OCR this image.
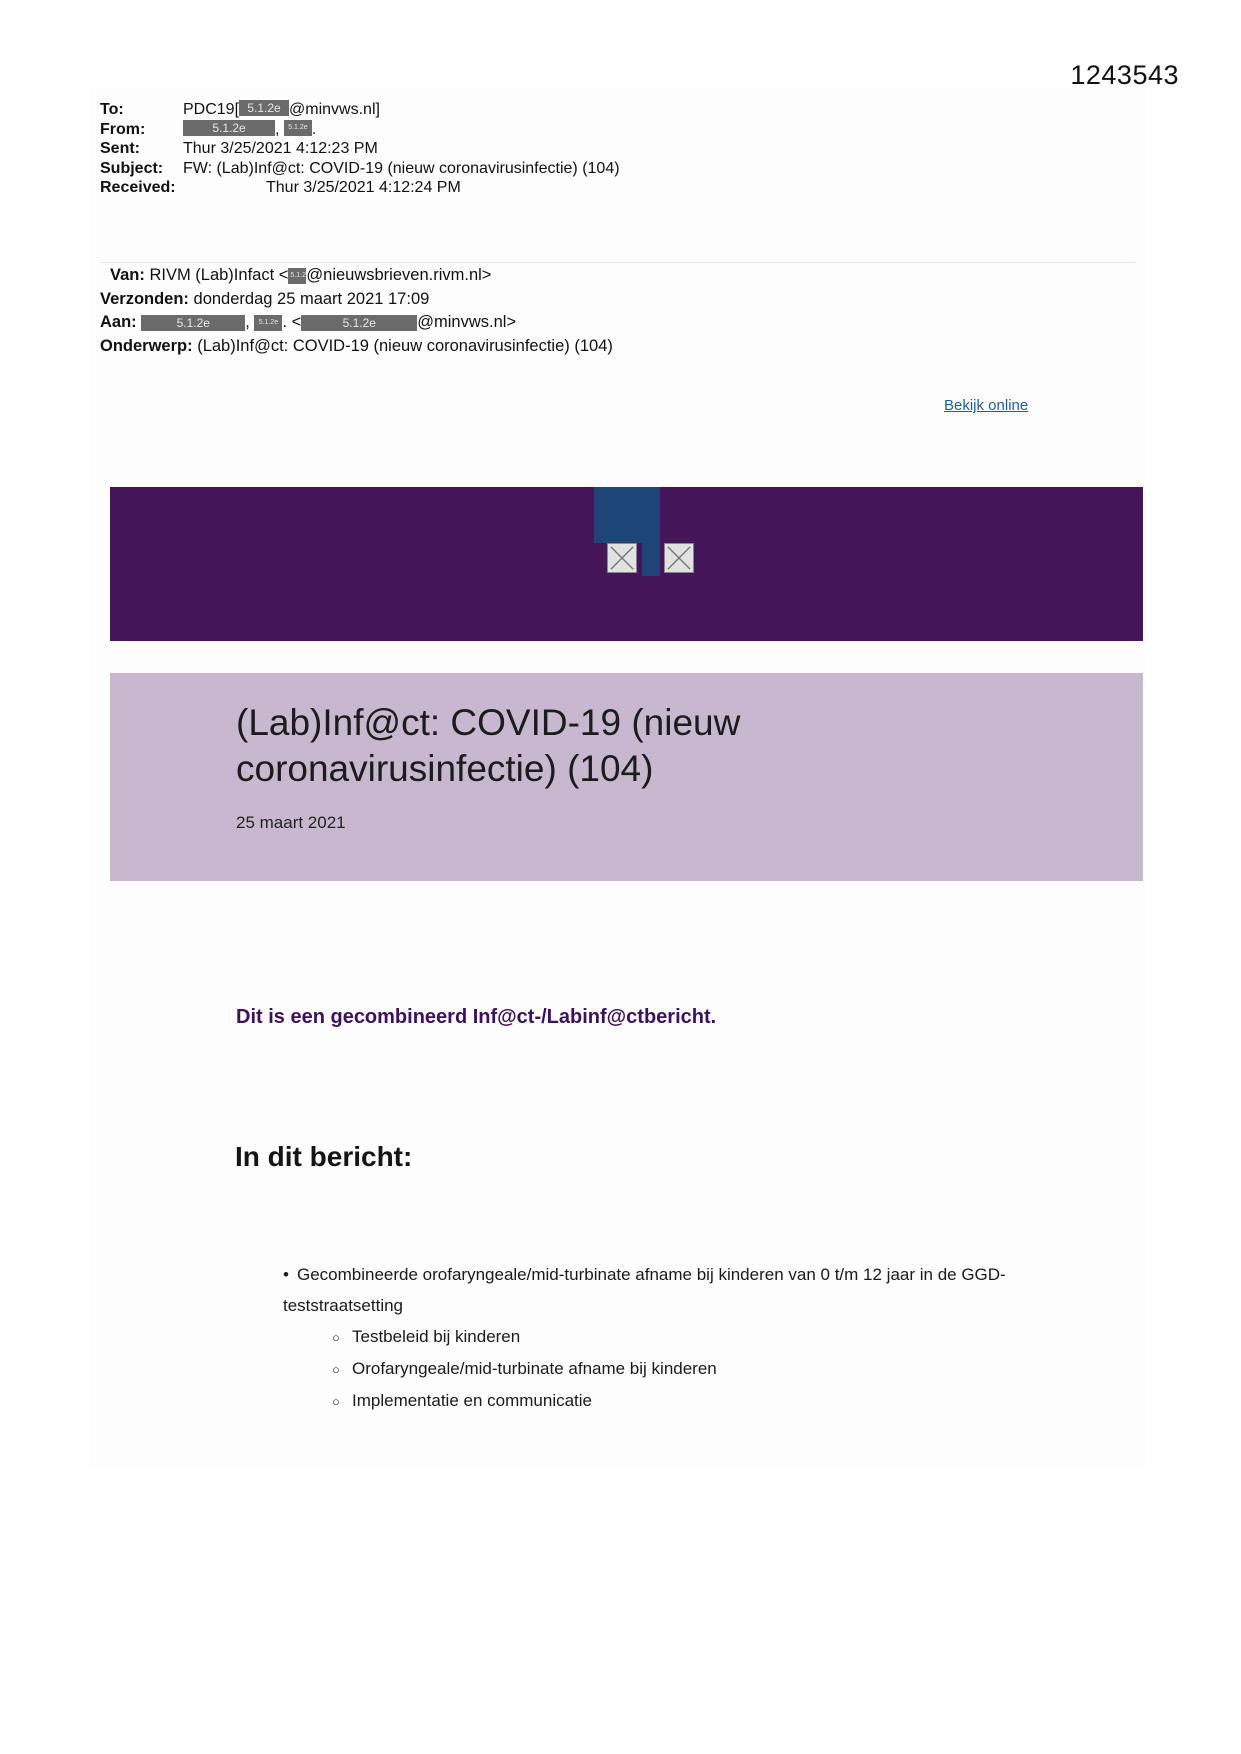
1243543
To:	PDC19[ 5.1.2e @minvws.nl]
From:	5.1.2e	,
	5.1.2e .
Sent:	Thur 3/25/2021 4:12:23 PM
Subject:	FW: (Lab)Inf@ct: COVID-19 (nieuw coronavirusinfectie) (104)
Received:	Thur 3/25/2021 4:12:24 PM
Van: RIVM (Lab)Infact < 5.1.2e@nieuwsbrieven.rivm.nl>
Verzonden: donderdag 25 maart 2021 17:09
Aan:	5.1.2e , 5.1.2e . <	5.1.2e	@minvws.nl>
Onderwerp: (Lab)Inf@ct: COVID-19 (nieuw coronavirusinfectie) (104)
Bekijk online
(Lab)Inf@ct: COVID-19 (nieuw coronavirusinfectie) (104)
25 maart 2021
Dit is een gecombineerd Inf@ct-/Labinf@ctbericht.
In dit bericht:
• Gecombineerde orofaryngeale/mid-turbinate afname bij kinderen van 0 t/m 12 jaar in de GGD-teststraatsetting
○ Testbeleid bij kinderen
○ Orofaryngeale/mid-turbinate afname bij kinderen
○ Implementatie en communicatie
